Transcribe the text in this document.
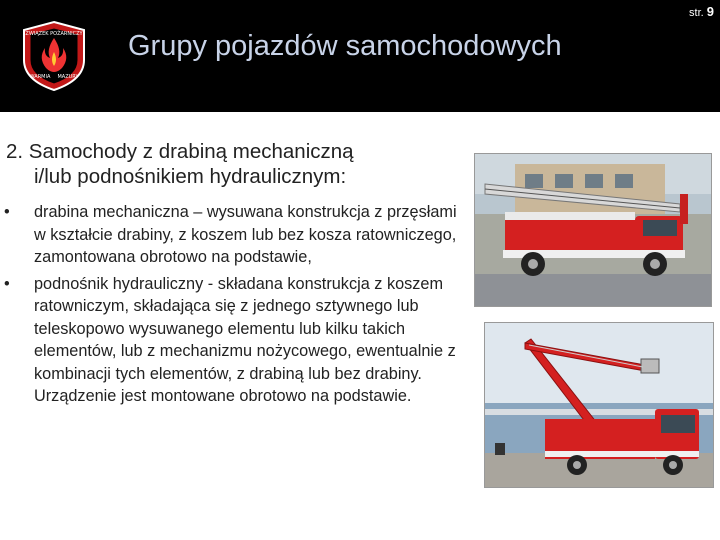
ZWIĄZEK POŻARNICZY
WARMIA MAZURY
Grupy pojazdów samochodowych
str. 9
2. Samochody z drabiną mechaniczną
i/lub podnośnikiem hydraulicznym:
• drabina mechaniczna – wysuwana konstrukcja z przęsłami w kształcie drabiny, z koszem lub bez kosza ratowniczego, zamontowana obrotowo na podstawie,
• podnośnik hydrauliczny - składana konstrukcja z koszem ratowniczym, składająca się z jednego sztywnego lub teleskopowo wysuwanego elementu lub kilku takich elementów, lub z mechanizmu nożycowego, ewentualnie z kombinacji tych elementów, z drabiną lub bez drabiny. Urządzenie jest montowane obrotowo na podstawie.
